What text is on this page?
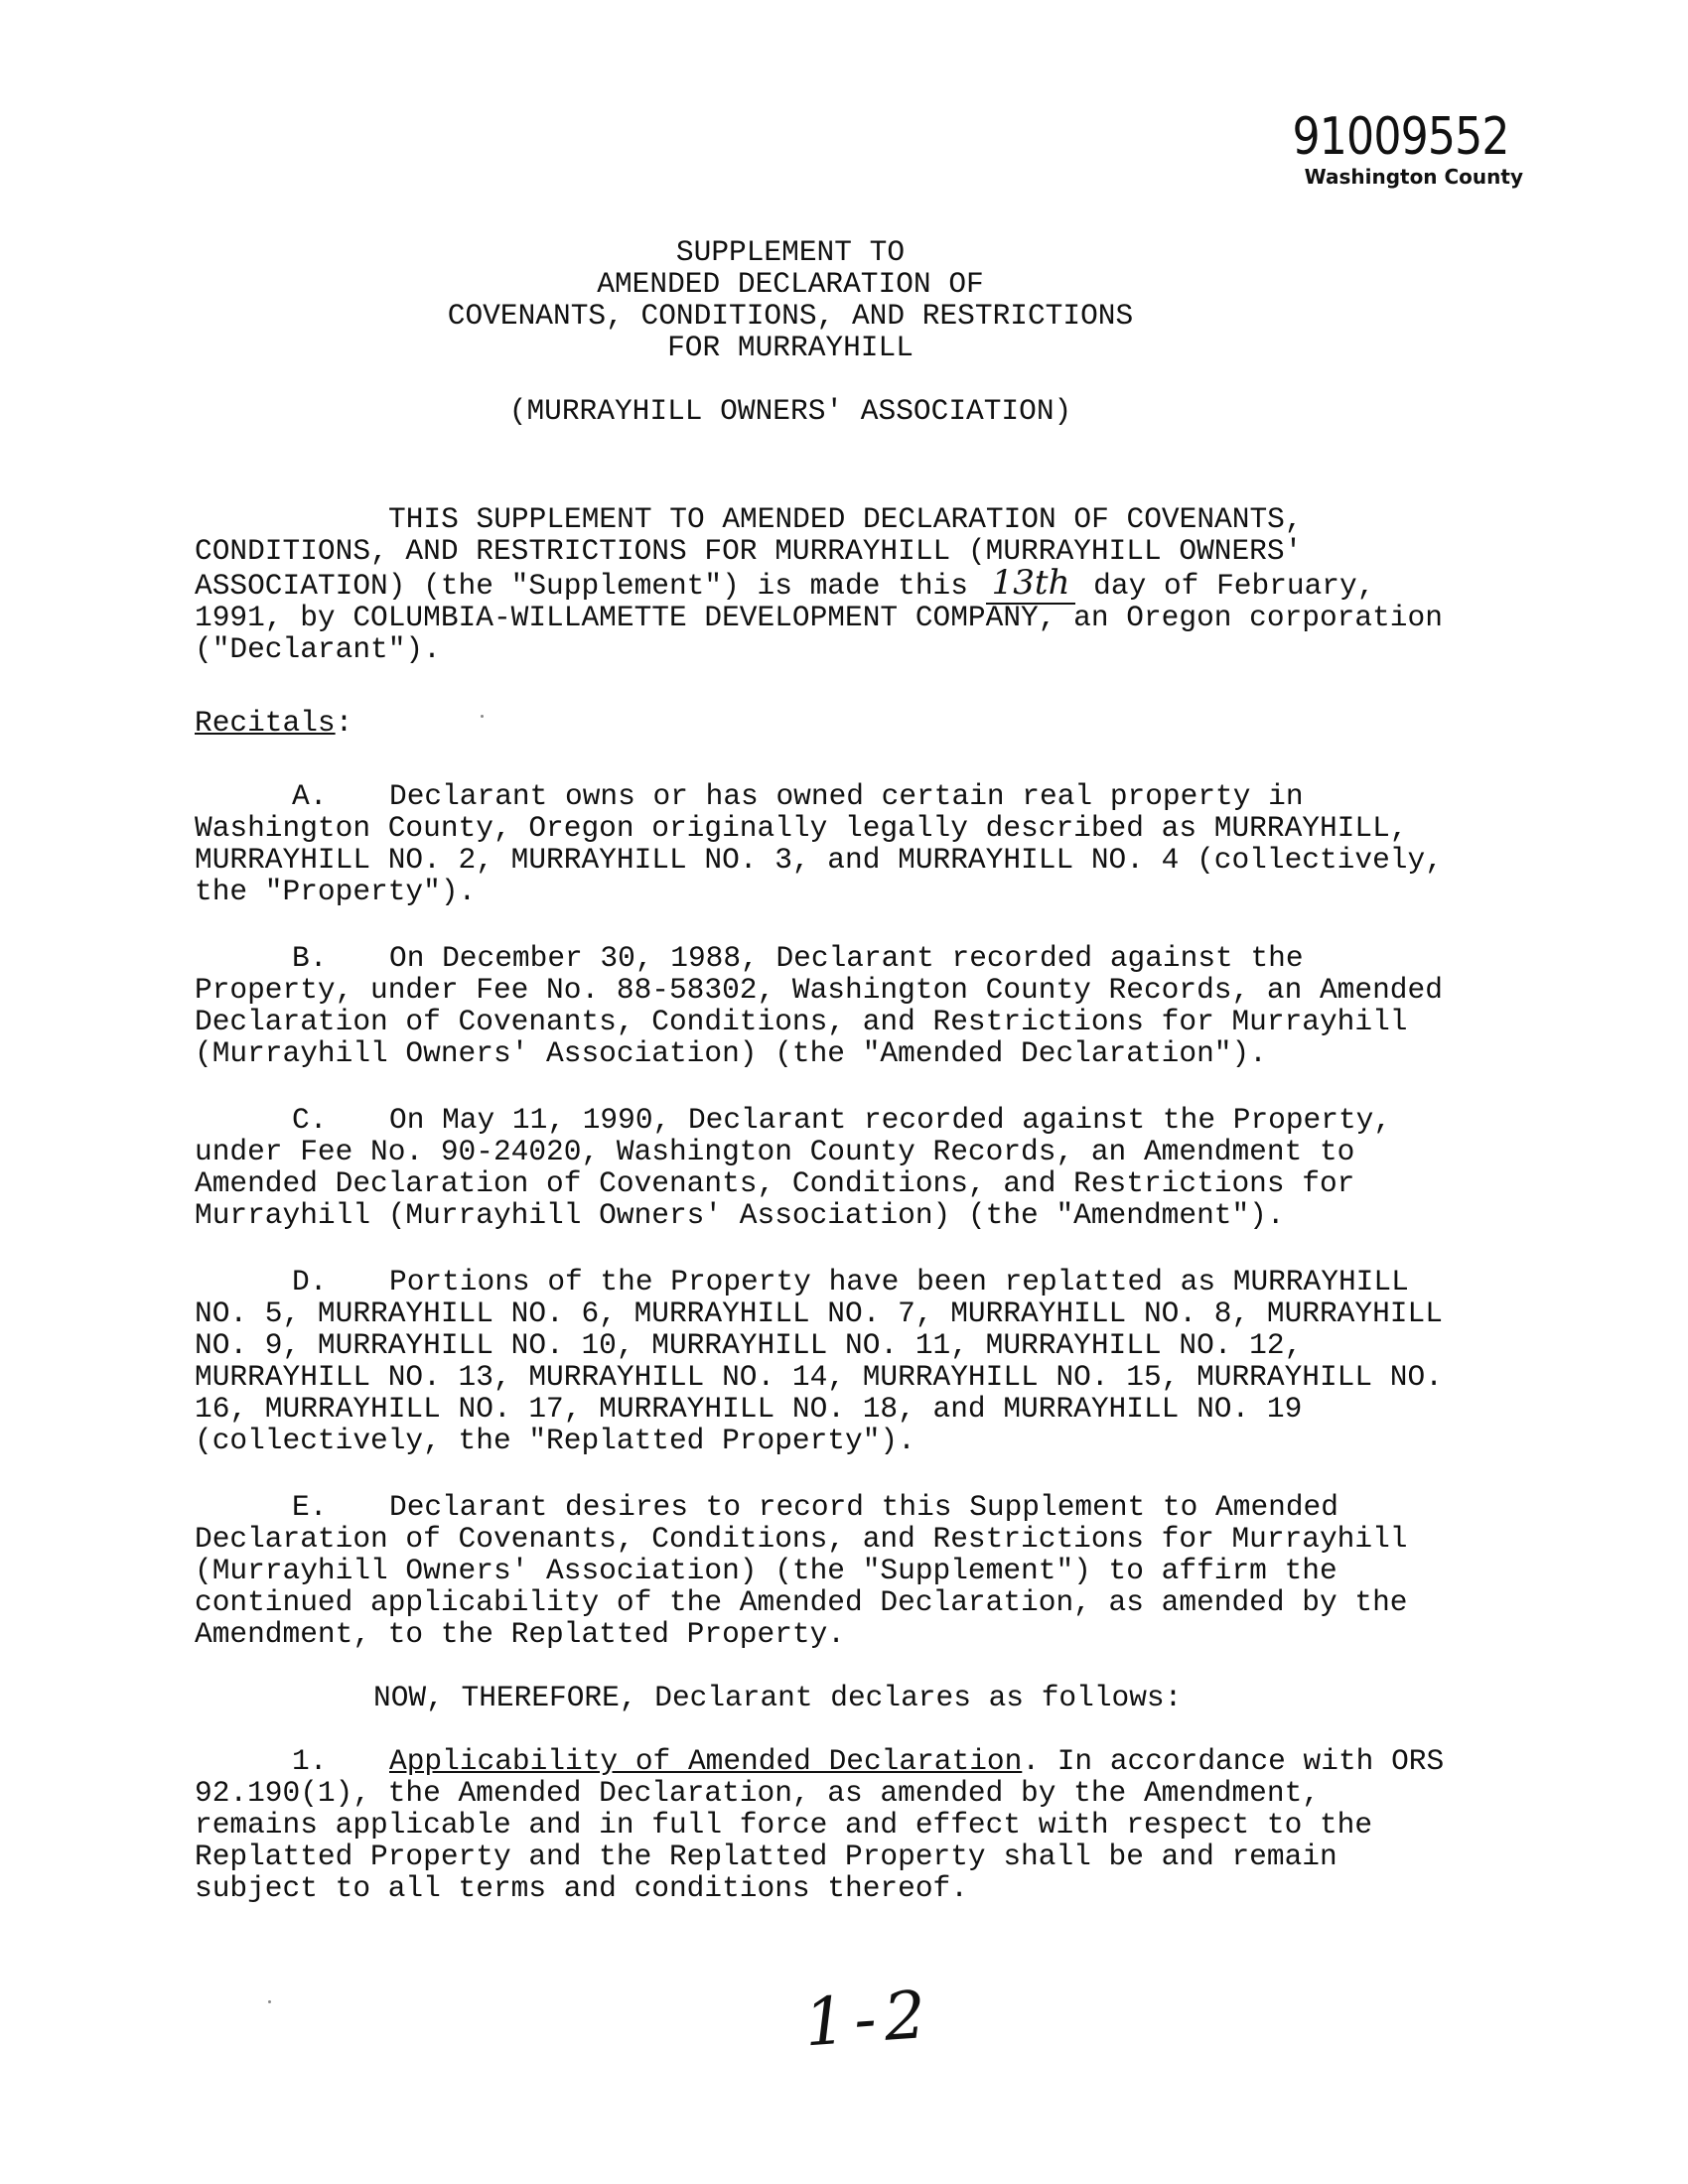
91009552
Washington County
SUPPLEMENT TO
AMENDED DECLARATION OF
COVENANTS, CONDITIONS, AND RESTRICTIONS
FOR MURRAYHILL
(MURRAYHILL OWNERS' ASSOCIATION)

THIS SUPPLEMENT TO AMENDED DECLARATION OF COVENANTS, CONDITIONS, AND RESTRICTIONS FOR MURRAYHILL (MURRAYHILL OWNERS' ASSOCIATION) (the "Supplement") is made this 13th day of February, 1991, by COLUMBIA-WILLAMETTE DEVELOPMENT COMPANY, an Oregon corporation ("Declarant").

Recitals:

A. Declarant owns or has owned certain real property in Washington County, Oregon originally legally described as MURRAYHILL, MURRAYHILL NO. 2, MURRAYHILL NO. 3, and MURRAYHILL NO. 4 (collectively, the "Property").

B. On December 30, 1988, Declarant recorded against the Property, under Fee No. 88-58302, Washington County Records, an Amended Declaration of Covenants, Conditions, and Restrictions for Murrayhill (Murrayhill Owners' Association) (the "Amended Declaration").

C. On May 11, 1990, Declarant recorded against the Property, under Fee No. 90-24020, Washington County Records, an Amendment to Amended Declaration of Covenants, Conditions, and Restrictions for Murrayhill (Murrayhill Owners' Association) (the "Amendment").

D. Portions of the Property have been replatted as MURRAYHILL NO. 5, MURRAYHILL NO. 6, MURRAYHILL NO. 7, MURRAYHILL NO. 8, MURRAYHILL NO. 9, MURRAYHILL NO. 10, MURRAYHILL NO. 11, MURRAYHILL NO. 12, MURRAYHILL NO. 13, MURRAYHILL NO. 14, MURRAYHILL NO. 15, MURRAYHILL NO. 16, MURRAYHILL NO. 17, MURRAYHILL NO. 18, and MURRAYHILL NO. 19 (collectively, the "Replatted Property").

E. Declarant desires to record this Supplement to Amended Declaration of Covenants, Conditions, and Restrictions for Murrayhill (Murrayhill Owners' Association) (the "Supplement") to affirm the continued applicability of the Amended Declaration, as amended by the Amendment, to the Replatted Property.

NOW, THEREFORE, Declarant declares as follows:

1. Applicability of Amended Declaration. In accordance with ORS 92.190(1), the Amended Declaration, as amended by the Amendment, remains applicable and in full force and effect with respect to the Replatted Property and the Replatted Property shall be and remain subject to all terms and conditions thereof.

1-2
